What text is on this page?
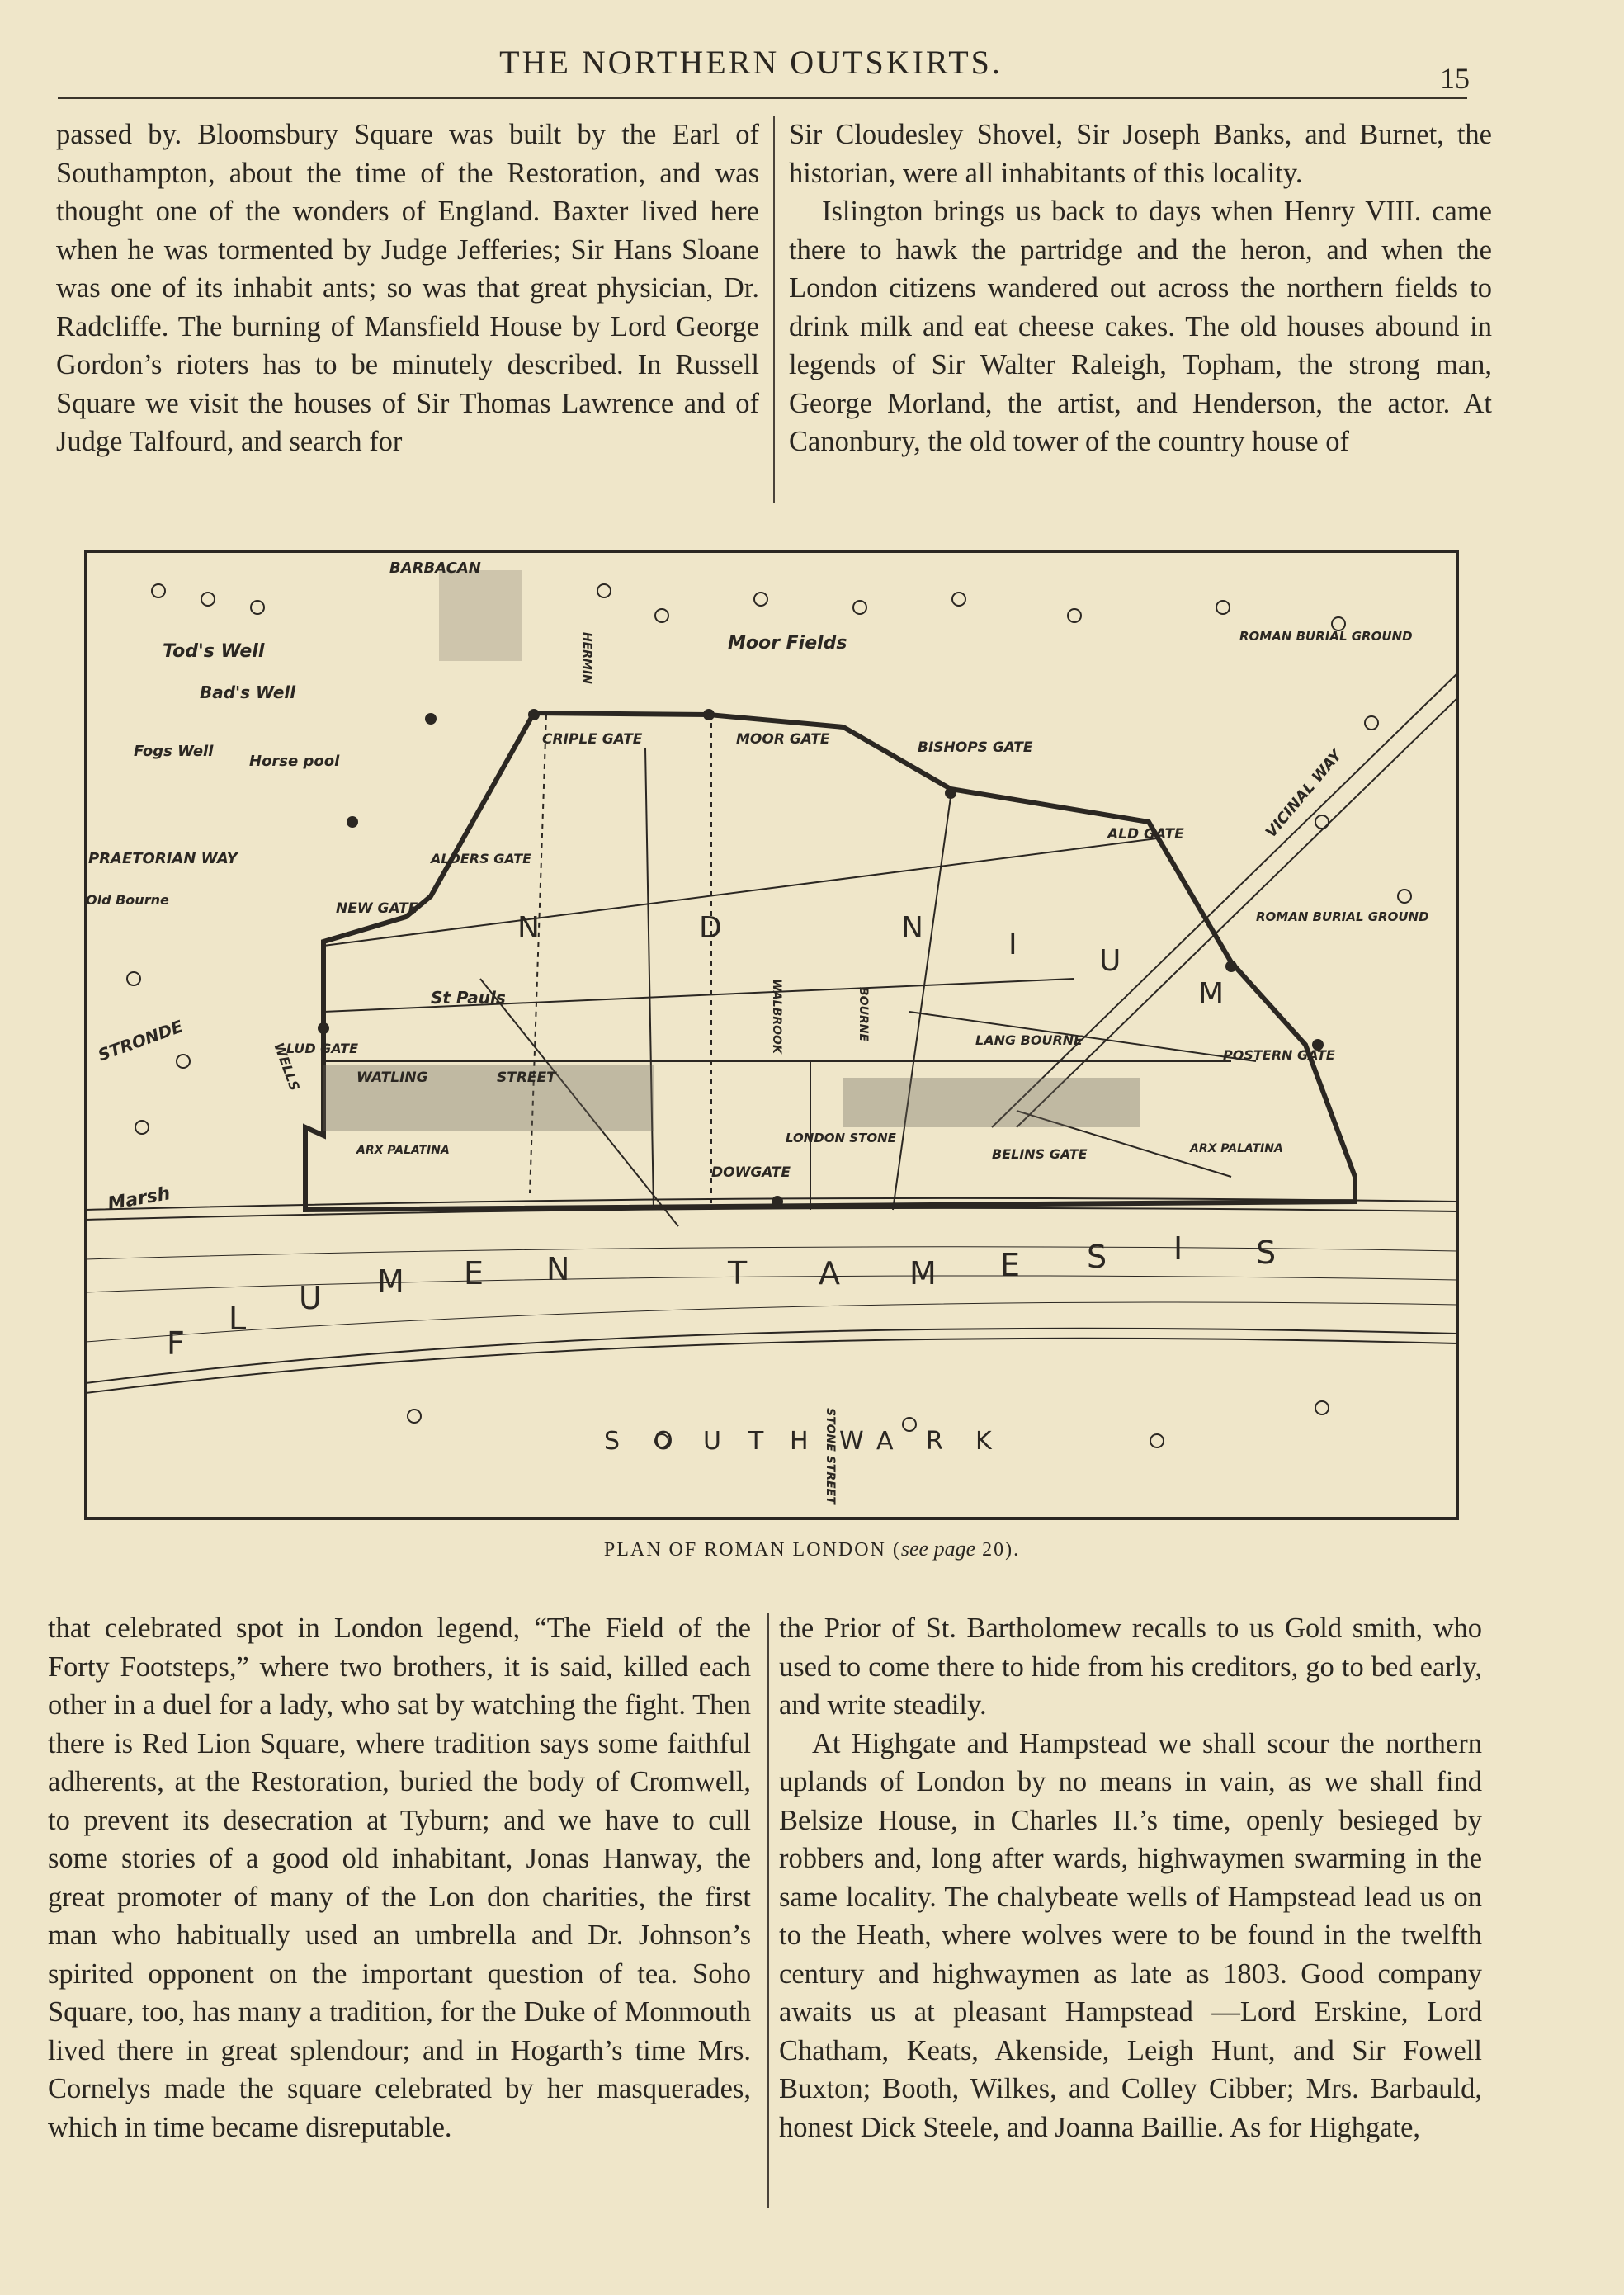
THE NORTHERN OUTSKIRTS.	15

passed by. Bloomsbury Square was built by the Earl of Southampton, about the time of the Restoration, and was thought one of the wonders of England. Baxter lived here when he was tormented by Judge Jefferies; Sir Hans Sloane was one of its inhabit ants; so was that great physician, Dr. Radcliffe. The burning of Mansfield House by Lord George Gordon’s rioters has to be minutely described. In Russell Square we visit the houses of Sir Thomas Lawrence and of Judge Talfourd, and search for

Sir Cloudesley Shovel, Sir Joseph Banks, and Burnet, the historian, were all inhabitants of this locality.

Islington brings us back to days when Henry VIII. came there to hawk the partridge and the heron, and when the London citizens wandered out across the northern fields to drink milk and eat cheese cakes. The old houses abound in legends of Sir Walter Raleigh, Topham, the strong man, George Morland, the artist, and Henderson, the actor. At Canonbury, the old tower of the country house of

BARBACAN
Tod's Well
Bad's Well
Fogs Well
Horse pool
PRAETORIAN WAY
Old Bourne
STRONDE
Marsh
WELLS
HERMIN	Moor Fields
CRIPLE GATE	MOOR GATE	BISHOPS GATE
ALDERS GATE
NEW GATE
St Pauls
LUD GATE
WATLING	STREET
ARX PALATINA	ARX PALATINA
WALBROOK	BOURNE	LANG BOURNE
LONDON STONE
DOWGATE
BELINS GATE
POSTERN GATE
ALD GATE	VICINAL WAY
ROMAN BURIAL GROUND
ROMAN BURIAL GROUND
STONE STREET
N	D	N	I	U
M
F
L
U M E N	T A M E S I S
S O U T H W A R K
PLAN OF ROMAN LONDON (see page 20).

that celebrated spot in London legend, “The Field of the Forty Footsteps,” where two brothers, it is said, killed each other in a duel for a lady, who sat by watching the fight. Then there is Red Lion Square, where tradition says some faithful adherents, at the Restoration, buried the body of Cromwell, to prevent its desecration at Tyburn; and we have to cull some stories of a good old inhabitant, Jonas Hanway, the great promoter of many of the Lon don charities, the first man who habitually used an umbrella and Dr. Johnson’s spirited opponent on the important question of tea. Soho Square, too, has many a tradition, for the Duke of Monmouth lived there in great splendour; and in Hogarth’s time Mrs. Cornelys made the square celebrated by her masquerades, which in time became disreputable.

the Prior of St. Bartholomew recalls to us Gold smith, who used to come there to hide from his creditors, go to bed early, and write steadily.

At Highgate and Hampstead we shall scour the northern uplands of London by no means in vain, as we shall find Belsize House, in Charles II.’s time, openly besieged by robbers and, long after wards, highwaymen swarming in the same locality. The chalybeate wells of Hampstead lead us on to the Heath, where wolves were to be found in the twelfth century and highwaymen as late as 1803. Good company awaits us at pleasant Hampstead —Lord Erskine, Lord Chatham, Keats, Akenside, Leigh Hunt, and Sir Fowell Buxton; Booth, Wilkes, and Colley Cibber; Mrs. Barbauld, honest Dick Steele, and Joanna Baillie. As for Highgate,
